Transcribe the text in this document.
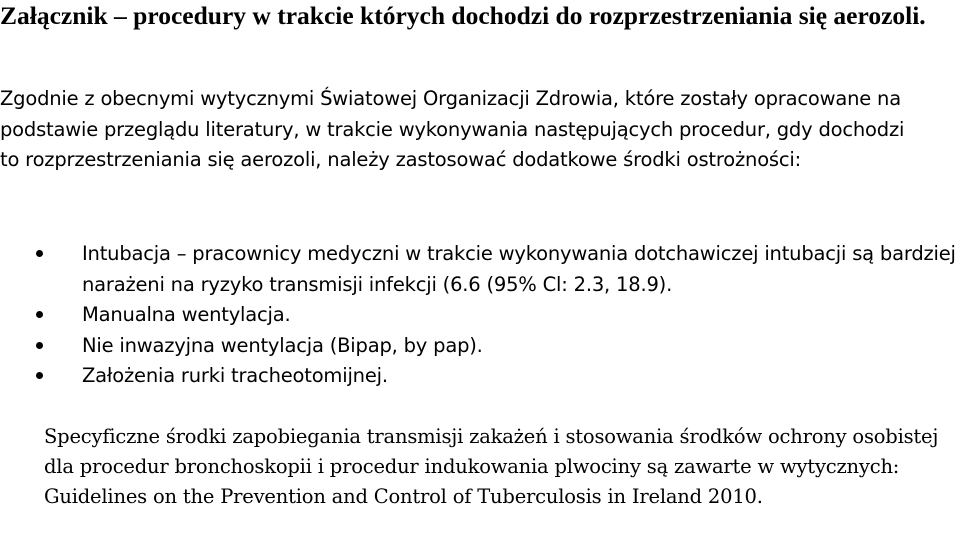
Załącznik – procedury w trakcie których dochodzi do rozprzestrzeniania się aerozoli.

Zgodnie z obecnymi wytycznymi Światowej Organizacji Zdrowia, które zostały opracowane na podstawie przeglądu literatury, w trakcie wykonywania następujących procedur, gdy dochodzi to rozprzestrzeniania się aerozoli, należy zastosować dodatkowe środki ostrożności:

Intubacja – pracownicy medyczni w trakcie wykonywania dotchawiczej intubacji są bardziej narażeni na ryzyko transmisji infekcji (6.6 (95% Cl: 2.3, 18.9).
Manualna wentylacja.
Nie inwazyjna wentylacja (Bipap, by pap).
Założenia rurki tracheotomijnej.

Specyficzne środki zapobiegania transmisji zakażeń i stosowania środków ochrony osobistej dla procedur bronchoskopii i procedur indukowania plwociny są zawarte w wytycznych: Guidelines on the Prevention and Control of Tuberculosis in Ireland 2010.
